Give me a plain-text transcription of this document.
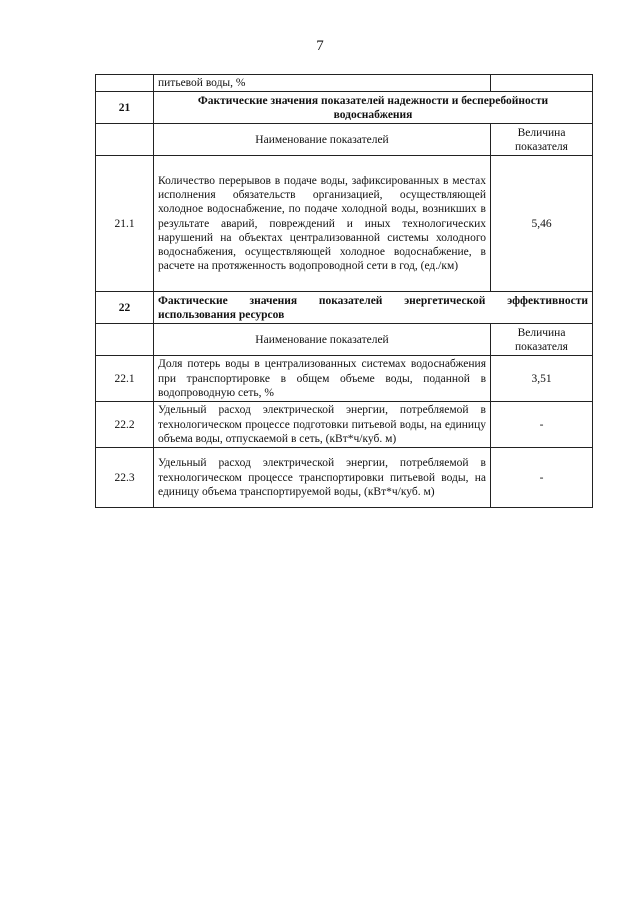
7
	питьевой воды, %	
21	Фактические значения показателей надежности и бесперебойности водоснабжения	
	Наименование показателей	Величина показателя
21.1	Количество перерывов в подаче воды, зафиксированных в местах исполнения обязательств организацией, осуществляющей холодное водоснабжение, по подаче холодной воды, возникших в результате аварий, повреждений и иных технологических нарушений на объектах централизованной системы холодного водоснабжения, осуществляющей холодное водоснабжение, в расчете на протяженность водопроводной сети в год, (ед./км)	5,46
22	Фактические значения показателей энергетической эффективности использования ресурсов	
	Наименование показателей	Величина показателя
22.1	Доля потерь воды в централизованных системах водоснабжения при транспортировке в общем объеме воды, поданной в водопроводную сеть, %	3,51
22.2	Удельный расход электрической энергии, потребляемой в технологическом процессе подготовки питьевой воды, на единицу объема воды, отпускаемой в сеть, (кВт*ч/куб. м)	-
22.3	Удельный расход электрической энергии, потребляемой в технологическом процессе транспортировки питьевой воды, на единицу объема транспортируемой воды, (кВт*ч/куб. м)	-
